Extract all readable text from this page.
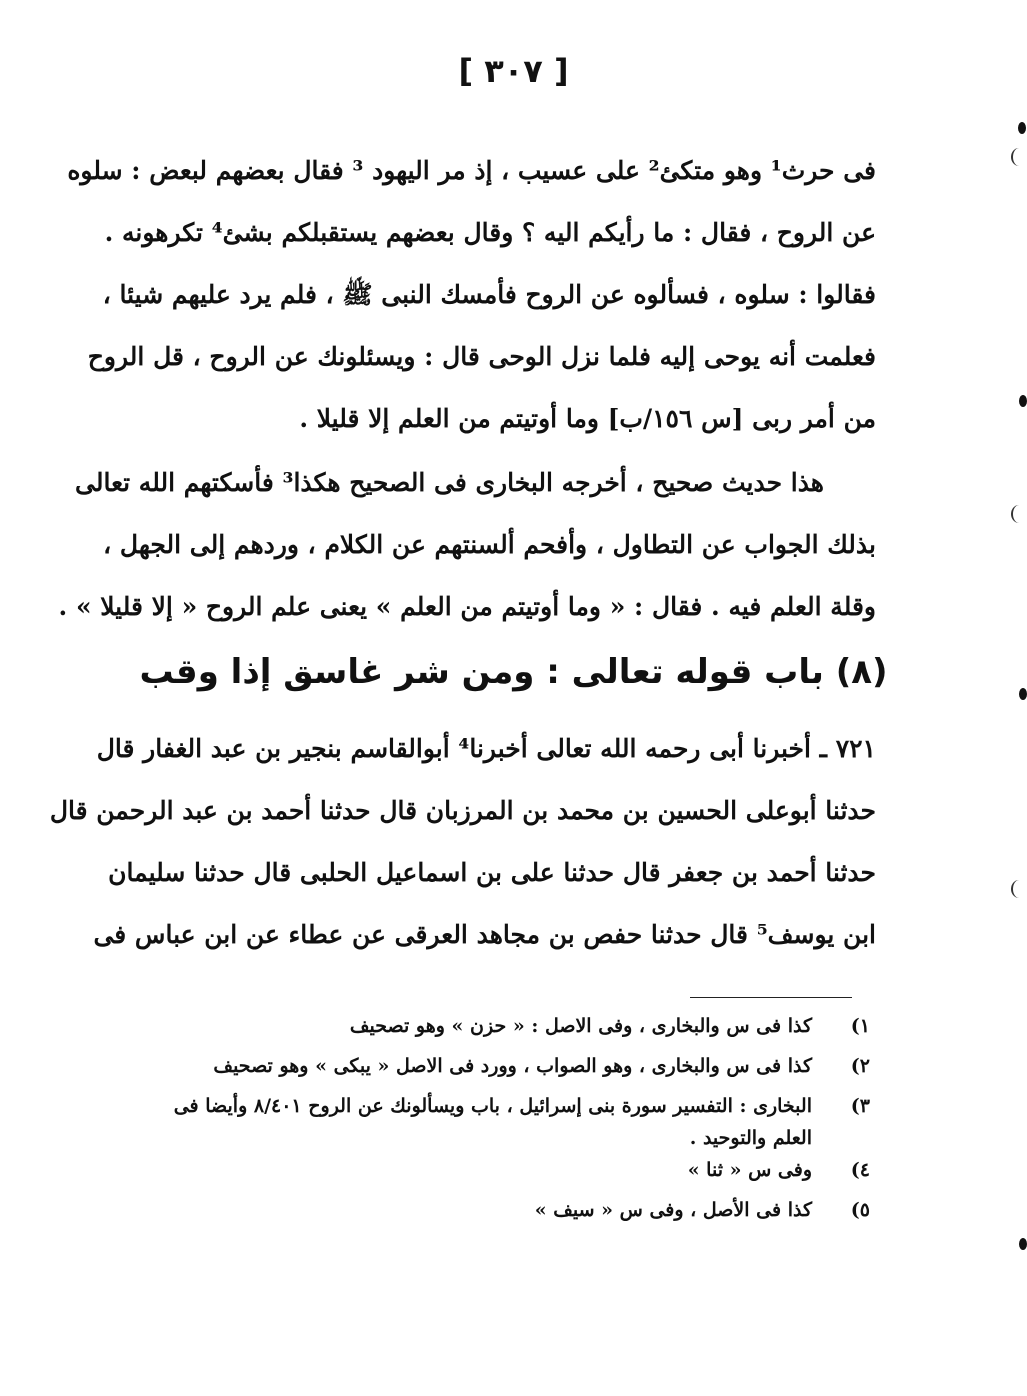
[ ٣٠٧ ]
فى حرث¹ وهو متكئ² على عسيب ، إذ مر اليهود ³ فقال بعضهم لبعض : سلوه
عن الروح ، فقال : ما رأيكم اليه ؟ وقال بعضهم يستقبلكم بشئ⁴ تكرهونه .
فقالوا : سلوه ، فسألوه عن الروح فأمسك النبى ﷺ ، فلم يرد عليهم شيئا ،
فعلمت أنه يوحى إليه فلما نزل الوحى قال : ويسئلونك عن الروح ، قل الروح
من أمر ربى [س ١٥٦/ب] وما أوتيتم من العلم إلا قليلا .
هذا حديث صحيح ، أخرجه البخارى فى الصحيح هكذا³ فأسكتهم الله تعالى
بذلك الجواب عن التطاول ، وأفحم ألسنتهم عن الكلام ، وردهم إلى الجهل ،
وقلة العلم فيه . فقال : « وما أوتيتم من العلم » يعنى علم الروح « إلا قليلا » .
(٨) باب قوله تعالى : ومن شر غاسق إذا وقب
٧٢١ ـ أخبرنا أبى رحمه الله تعالى أخبرنا⁴ أبوالقاسم بنجير بن عبد الغفار قال
حدثنا أبوعلى الحسين بن محمد بن المرزبان قال حدثنا أحمد بن عبد الرحمن قال
حدثنا أحمد بن جعفر قال حدثنا على بن اسماعيل الحلبى قال حدثنا سليمان
ابن يوسف⁵ قال حدثنا حفص بن مجاهد العرقى عن عطاء عن ابن عباس فى
١)
كذا فى س والبخارى ، وفى الاصل : « حزن » وهو تصحيف
٢)
كذا فى س والبخارى ، وهو الصواب ، وورد فى الاصل « يبكى » وهو تصحيف
٣)
البخارى : التفسير سورة بنى إسرائيل ، باب ويسألونك عن الروح ٨/٤٠١ وأيضا فى العلم والتوحيد .
٤)
وفى س « ثنا »
٥)
كذا فى الأصل ، وفى س « سيف »
